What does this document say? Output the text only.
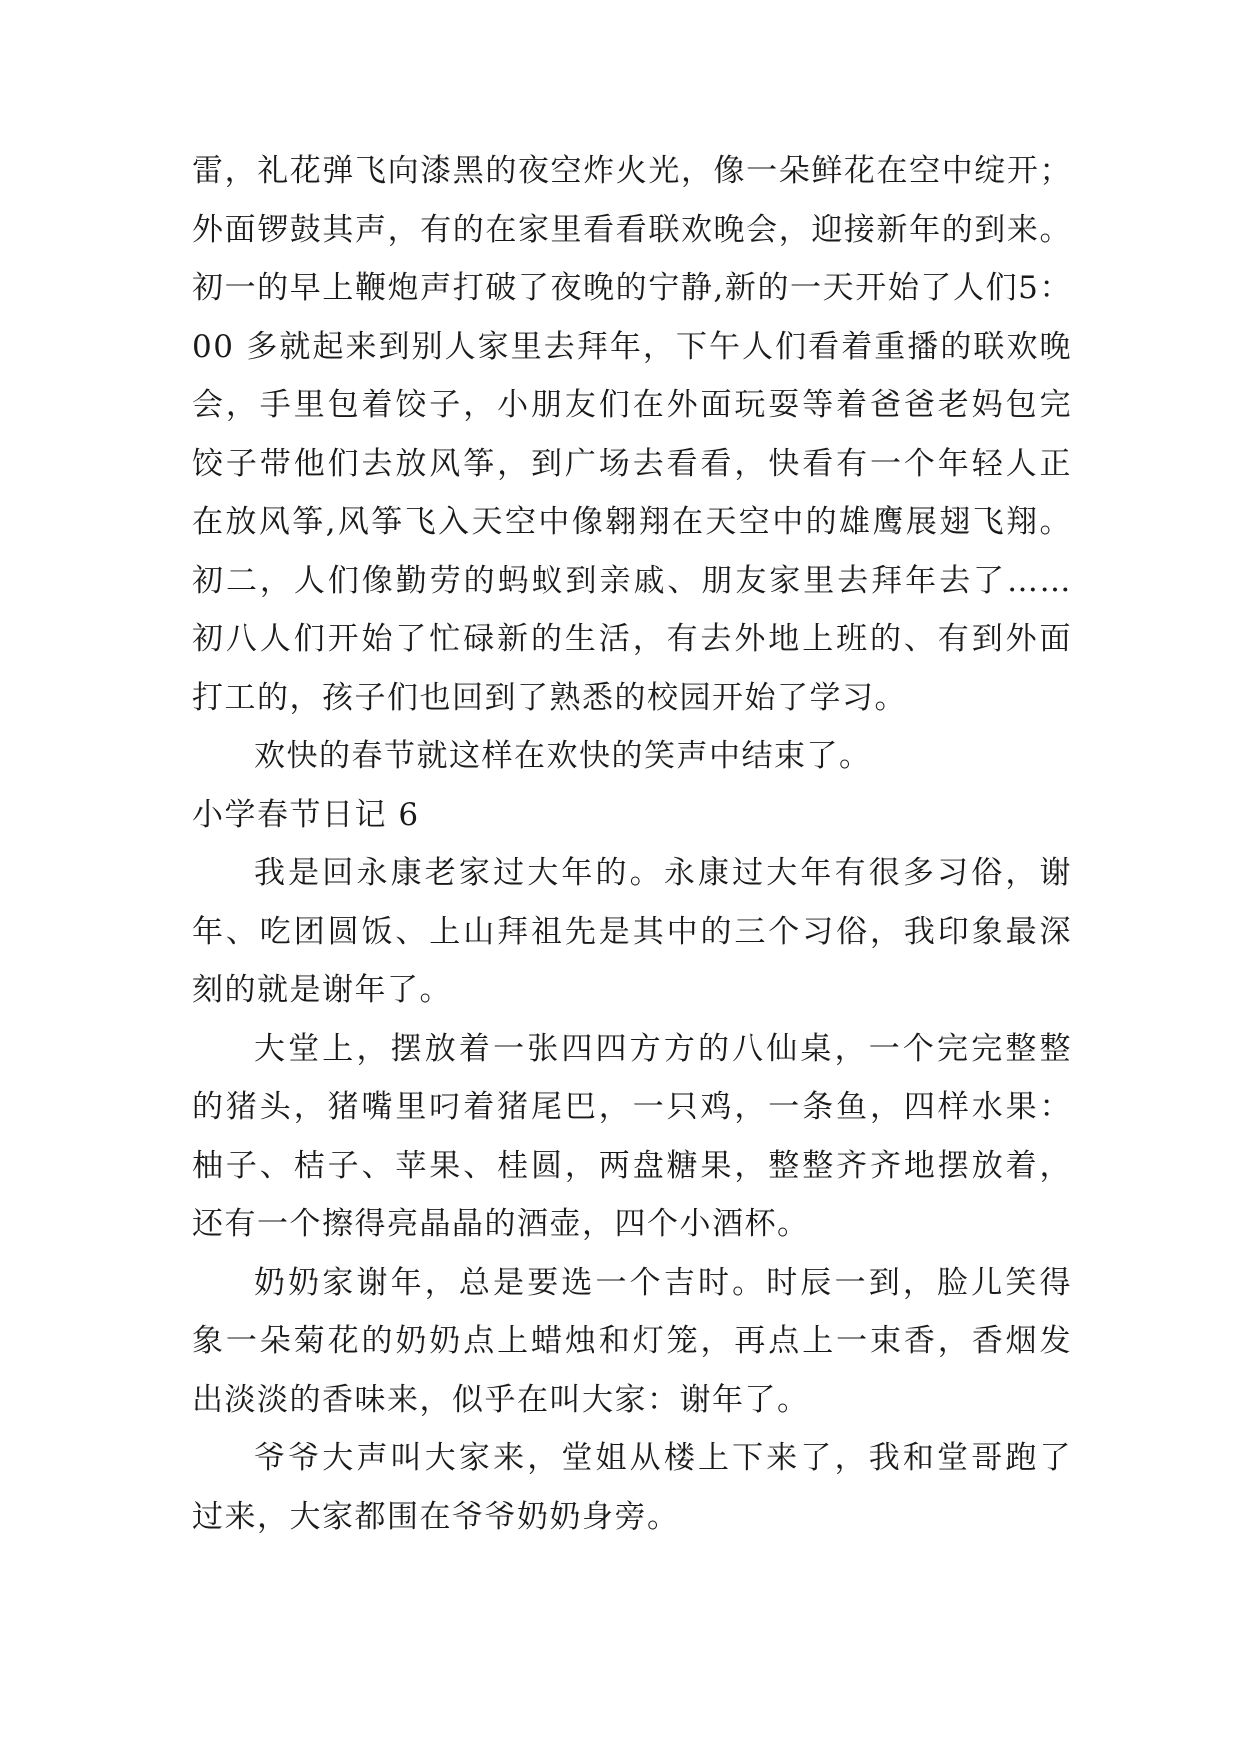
雷，礼花弹飞向漆黑的夜空炸火光，像一朵鲜花在空中绽开；
外面锣鼓其声，有的在家里看看联欢晚会，迎接新年的到来。
初一的早上鞭炮声打破了夜晚的宁静,新的一天开始了人们5：
00 多就起来到别人家里去拜年，下午人们看着重播的联欢晚
会，手里包着饺子，小朋友们在外面玩耍等着爸爸老妈包完
饺子带他们去放风筝，到广场去看看，快看有一个年轻人正
在放风筝,风筝飞入天空中像翱翔在天空中的雄鹰展翅飞翔。
初二，人们像勤劳的蚂蚁到亲戚、朋友家里去拜年去了……
初八人们开始了忙碌新的生活，有去外地上班的、有到外面
打工的，孩子们也回到了熟悉的校园开始了学习。
欢快的春节就这样在欢快的笑声中结束了。
小学春节日记 6
我是回永康老家过大年的。永康过大年有很多习俗，谢
年、吃团圆饭、上山拜祖先是其中的三个习俗，我印象最深
刻的就是谢年了。
大堂上，摆放着一张四四方方的八仙桌，一个完完整整
的猪头，猪嘴里叼着猪尾巴，一只鸡，一条鱼，四样水果：
柚子、桔子、苹果、桂圆，两盘糖果，整整齐齐地摆放着，
还有一个擦得亮晶晶的酒壶，四个小酒杯。
奶奶家谢年，总是要选一个吉时。时辰一到，脸儿笑得
象一朵菊花的奶奶点上蜡烛和灯笼，再点上一束香，香烟发
出淡淡的香味来，似乎在叫大家：谢年了。
爷爷大声叫大家来，堂姐从楼上下来了，我和堂哥跑了
过来，大家都围在爷爷奶奶身旁。
